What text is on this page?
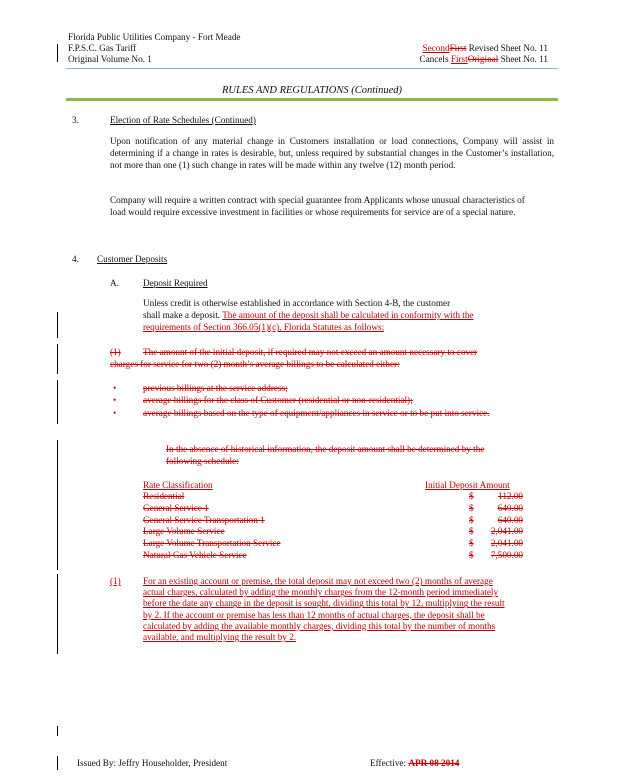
Florida Public Utilities Company - Fort Meade
F.P.S.C. Gas Tariff
Original Volume No. 1
SecondFirst Revised Sheet No. 11
Cancels FirstOriginal Sheet No. 11
RULES AND REGULATIONS (Continued)
3.	Election of Rate Schedules (Continued)
Upon notification of any material change in Customers installation or load connections, Company will assist in determining if a change in rates is desirable, but, unless required by substantial changes in the Customer’s installation, not more than one (1) such change in rates will be made within any twelve (12) month period.
Company will require a written contract with special guarantee from Applicants whose unusual characteristics of load would require excessive investment in facilities or whose requirements for service are of a special nature.
4. Customer Deposits
A.	Deposit Required
Unless credit is otherwise established in accordance with Section 4-B, the customer
shall make a deposit. The amount of the deposit shall be calculated in conformity with the
requirements of Section 366.05(1)(c), Florida Statutes as follows:
(1) The amount of the initial deposit, if required may not exceed an amount necessary to cover
charges for service for two (2) month’s average billings to be calculated either:
•	previous billings at the service address;
•	average billings for the class of Customer (residential or non-residential);
•	average billings based on the type of equipment/appliances in service or to be put into service.
In the absence of historical information, the deposit amount shall be determined by the
following schedule:
Rate Classification	Initial Deposit Amount
Residential	$	112.00
General Service 1	$	640.00
General Service Transportation 1	$	640.00
Large Volume Service	$ 2,041.00
Large Volume Transportation Service	$ 2,041.00
Natural Gas Vehicle Service	$ 7,500.00
(1) For an existing account or premise, the total deposit may not exceed two (2) months of average
actual charges, calculated by adding the monthly charges from the 12-month period immediately
before the date any change in the deposit is sought, dividing this total by 12, multiplying the result
by 2. If the account or premise has less than 12 months of actual charges, the deposit shall be
calculated by adding the available monthly charges, dividing this total by the number of months
available, and multiplying the result by 2.
Issued By: Jeffry Householder, President	Effective: APR 08 2014
